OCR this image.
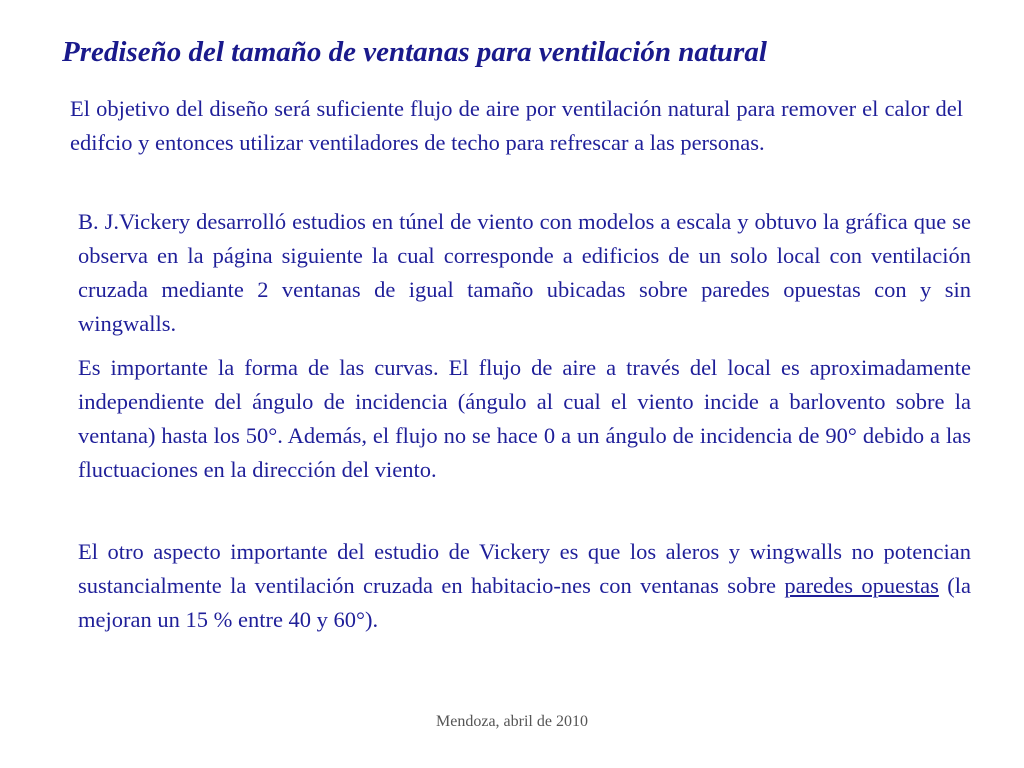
Prediseño del tamaño de ventanas para ventilación natural

El objetivo del diseño será suficiente flujo de aire por ventilación natural para remover el calor del edifcio y entonces utilizar ventiladores de techo para refrescar a las personas.

B. J.Vickery desarrolló estudios en túnel de viento con modelos a escala y obtuvo la gráfica que se observa en la página siguiente la cual corresponde a edificios de un solo local con ventilación cruzada mediante 2 ventanas de igual tamaño ubicadas sobre paredes opuestas con y sin wingwalls.

Es importante la forma de las curvas. El flujo de aire a través del local es aproximadamente independiente del ángulo de incidencia (ángulo al cual el viento incide a barlovento sobre la ventana) hasta los 50°. Además, el flujo no se hace 0 a un ángulo de incidencia de 90° debido a las fluctuaciones en la dirección del viento.

El otro aspecto importante del estudio de Vickery es que los aleros y wingwalls no potencian sustancialmente la ventilación cruzada en habitacio-nes con ventanas sobre paredes opuestas (la mejoran un 15 % entre 40 y 60°).

Mendoza, abril de 2010
